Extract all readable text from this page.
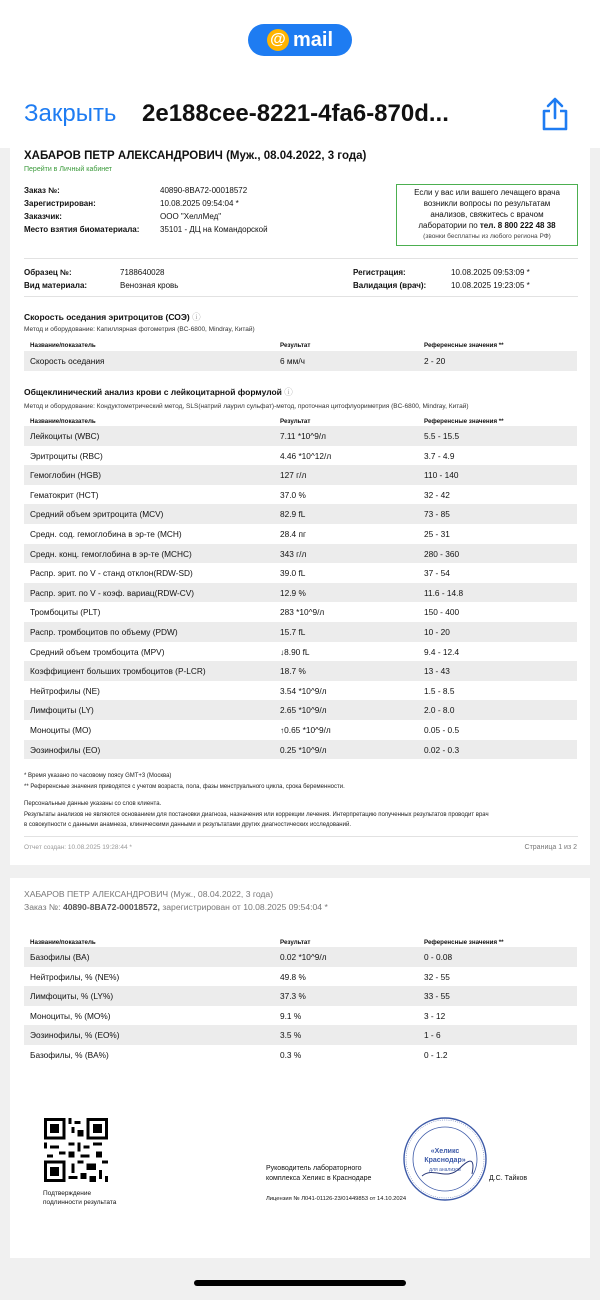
@ mail
Закрыть 2e188cee-8221-4fa6-870d...
ХАБАРОВ ПЕТР АЛЕКСАНДРОВИЧ (Муж., 08.04.2022, 3 года)
Перейти в Личный кабинет
Заказ №:	40890-8BA72-00018572
Зарегистрирован:	10.08.2025 09:54:04 *
Заказчик:	ООО "ХеллМед"
Место взятия биоматериала:	35101 - ДЦ на Командорской
Если у вас или вашего лечащего врача
возникли вопросы по результатам
анализов, свяжитесь с врачом
лаборатории по тел. 8 800 222 48 38
(звонки бесплатны из любого региона РФ)
Образец №:	7188640028
Вид материала:	Венозная кровь
Регистрация:	10.08.2025 09:53:09 *
Валидация (врач):	10.08.2025 19:23:05 *
Скорость оседания эритроцитов (СОЭ) ⓘ
Метод и оборудование: Капиллярная фотометрия (BC-6800, Mindray, Китай)
Название/показатель	Результат	Референсные значения **
Скорость оседания	6 мм/ч	2 - 20
Общеклинический анализ крови с лейкоцитарной формулой ⓘ
Метод и оборудование: Кондуктометрический метод, SLS(натрий лаурил сульфат)-метод, проточная цитофлуориметрия (BC-6800, Mindray, Китай)
Название/показатель	Результат	Референсные значения **
Лейкоциты (WBC)	7.11 *10^9/л	5.5 - 15.5
Эритроциты (RBC)	4.46 *10^12/л	3.7 - 4.9
Гемоглобин (HGB)	127 г/л	110 - 140
Гематокрит (HCT)	37.0 %	32 - 42
Средний объем эритроцита (MCV)	82.9 fL	73 - 85
Средн. сод. гемоглобина в эр-те (MCH)	28.4 пг	25 - 31
Средн. конц. гемоглобина в эр-те (MCHC)	343 г/л	280 - 360
Распр. эрит. по V - станд отклон(RDW-SD)	39.0 fL	37 - 54
Распр. эрит. по V - коэф. вариац(RDW-CV)	12.9 %	11.6 - 14.8
Тромбоциты (PLT)	283 *10^9/л	150 - 400
Распр. тромбоцитов по объему (PDW)	15.7 fL	10 - 20
Средний объем тромбоцита (MPV)	↓8.90 fL	9.4 - 12.4
Коэффициент больших тромбоцитов (P-LCR)	18.7 %	13 - 43
Нейтрофилы (NE)	3.54 *10^9/л	1.5 - 8.5
Лимфоциты (LY)	2.65 *10^9/л	2.0 - 8.0
Моноциты (MO)	↑0.65 *10^9/л	0.05 - 0.5
Эозинофилы (EO)	0.25 *10^9/л	0.02 - 0.3
* Время указано по часовому поясу GMT+3 (Москва)
** Референсные значения приводятся с учетом возраста, пола, фазы менструального цикла, срока беременности.
Персональные данные указаны со слов клиента.
Результаты анализов не являются основанием для постановки диагноза, назначения или коррекции лечения. Интерпретацию полученных результатов проводит врач
в совокупности с данными анамнеза, клиническими данными и результатами других диагностических исследований.
Отчет создан: 10.08.2025 19:28:44 *	Страница 1 из 2
ХАБАРОВ ПЕТР АЛЕКСАНДРОВИЧ (Муж., 08.04.2022, 3 года)
Заказ №: 40890-8BA72-00018572, зарегистрирован от 10.08.2025 09:54:04 *
Название/показатель	Результат	Референсные значения **
Базофилы (BA)	0.02 *10^9/л	0 - 0.08
Нейтрофилы, % (NE%)	49.8 %	32 - 55
Лимфоциты, % (LY%)	37.3 %	33 - 55
Моноциты, % (MO%)	9.1 %	3 - 12
Эозинофилы, % (EO%)	3.5 %	1 - 6
Базофилы, % (BA%)	0.3 %	0 - 1.2
Подтверждение
подлинности результата
Руководитель лабораторного
комплекса Хеликс в Краснодаре
Лицензия № Л041-01126-23/01449853 от 14.10.2024
«Хеликс
Краснодар»
для анализов
Д.С. Тайков
